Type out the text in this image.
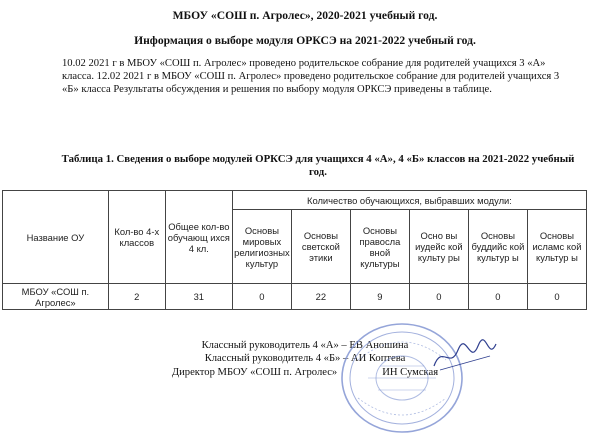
МБОУ «СОШ п. Агролес», 2020-2021 учебный год.
Информация о выборе модуля ОРКСЭ на 2021-2022 учебный год.
10.02 2021 г в МБОУ «СОШ п. Агролес» проведено родительское собрание для родителей учащихся 3 «А» класса. 12.02 2021 г в МБОУ «СОШ п. Агролес» проведено родительское собрание для родителей учащихся 3 «Б» класса Результаты обсуждения и решения по выбору модуля ОРКСЭ приведены в таблице.
Таблица 1. Сведения о выборе модулей ОРКСЭ для учащихся 4 «А», 4 «Б» классов на 2021-2022 учебный год.
Название ОУ	Кол-во 4-х классов	Общее кол-во обучающ ихся 4 кл.	Количество обучающихся, выбравших модули:					
			Основы мировых религиозных культур	Основы светской этики	Основы правосла вной культуры	Осно вы иудейс кой культу ры	Основы буддийс кой культур ы	Основы исламс кой культур ы
МБОУ «СОШ п. Агролес»	2	31	0	22	9	0	0	0
Классный руководитель 4 «А» – ЕВ Аношина
Классный руководитель 4 «Б» – АИ Коптева
Директор МБОУ «СОШ п. Агролес»                 ИН Сумская
